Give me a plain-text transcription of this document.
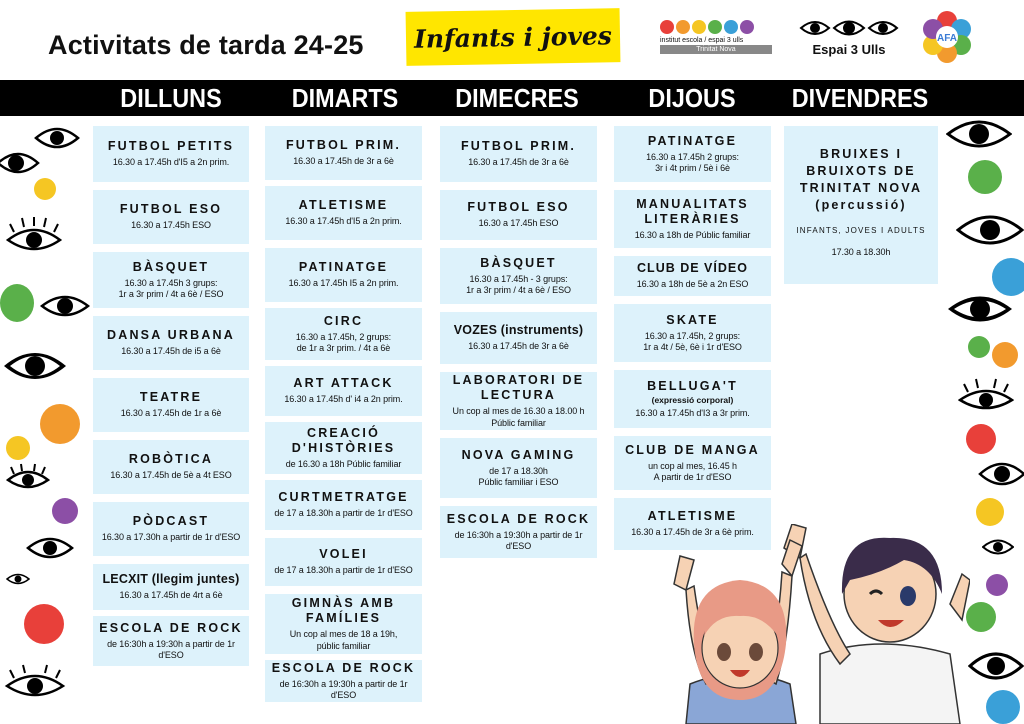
Activitats de tarda 24-25	Infants i joves	institut escola / espai 3 ulls
Trinitat Nova	Espai 3 Ulls
AFA
DILLUNS	DIMARTS	DIMECRES	DIJOUS	DIVENDRES
FUTBOL PETITS
16.30 a 17.45h d'I5 a 2n prim.
FUTBOL ESO
16.30 a 17.45h ESO
BÀSQUET
16.30 a 17.45h 3 grups:
1r a 3r prim / 4t a 6è / ESO
DANSA URBANA
16.30 a 17.45h de i5 a 6è
TEATRE
16.30 a 17.45h de 1r a 6è
ROBÒTICA
16.30 a 17.45h de 5è a 4t ESO
PÒDCAST
16.30 a 17.30h a partir de 1r d'ESO
LECXIT (llegim juntes)
16.30 a 17.45h de 4rt a 6è
ESCOLA DE ROCK
de 16:30h a 19:30h a partir de 1r d'ESO
FUTBOL PRIM.
16.30 a 17.45h de 3r a 6è
ATLETISME
16.30 a 17.45h d'I5 a 2n prim.
PATINATGE
16.30 a 17.45h I5 a 2n prim.
CIRC
16.30 a 17.45h, 2 grups:
de 1r a 3r prim. / 4t a 6è
ART ATTACK
16.30 a 17.45h d' i4 a 2n prim.
CREACIÓ
D'HISTÒRIES
de 16.30 a 18h Públic familiar
CURTMETRATGE
de 17 a 18.30h a partir de 1r d'ESO
VOLEI
de 17 a 18.30h a partir de 1r d'ESO
GIMNÀS AMB
FAMÍLIES
Un cop al mes de 18 a 19h,
públic familiar
ESCOLA DE ROCK
de 16:30h a 19:30h a partir de 1r d'ESO
FUTBOL PRIM.
16.30 a 17.45h de 3r a 6è
FUTBOL ESO
16.30 a 17.45h ESO
BÀSQUET
16.30 a 17.45h - 3 grups:
1r a 3r prim / 4t a 6è / ESO
VOZES (instruments)
16.30 a 17.45h de 3r a 6è
LABORATORI DE
LECTURA
Un cop al mes de 16.30 a 18.00 h
Públic familiar
NOVA GAMING
de 17 a 18.30h
Públic familiar i ESO
ESCOLA DE ROCK
de 16:30h a 19:30h a partir de 1r d'ESO
PATINATGE
16.30 a 17.45h 2 grups:
3r i 4t prim / 5è i 6è
MANUALITATS
LITERÀRIES
16.30 a 18h de Públic familiar
CLUB DE VÍDEO
16.30 a 18h de 5è a 2n ESO
SKATE
16.30 a 17.45h, 2 grups:
1r a 4t / 5è, 6è i 1r d'ESO
BELLUGA'T
(expressió corporal)
16.30 a 17.45h d'I3 a 3r prim.
CLUB DE MANGA
un cop al mes, 16.45 h
A partir de 1r d'ESO
ATLETISME
16.30 a 17.45h de 3r a 6è prim.
BRUIXES I
BRUIXOTS DE
TRINITAT NOVA
(percussió)
INFANTS, JOVES I ADULTS
17.30 a 18.30h
